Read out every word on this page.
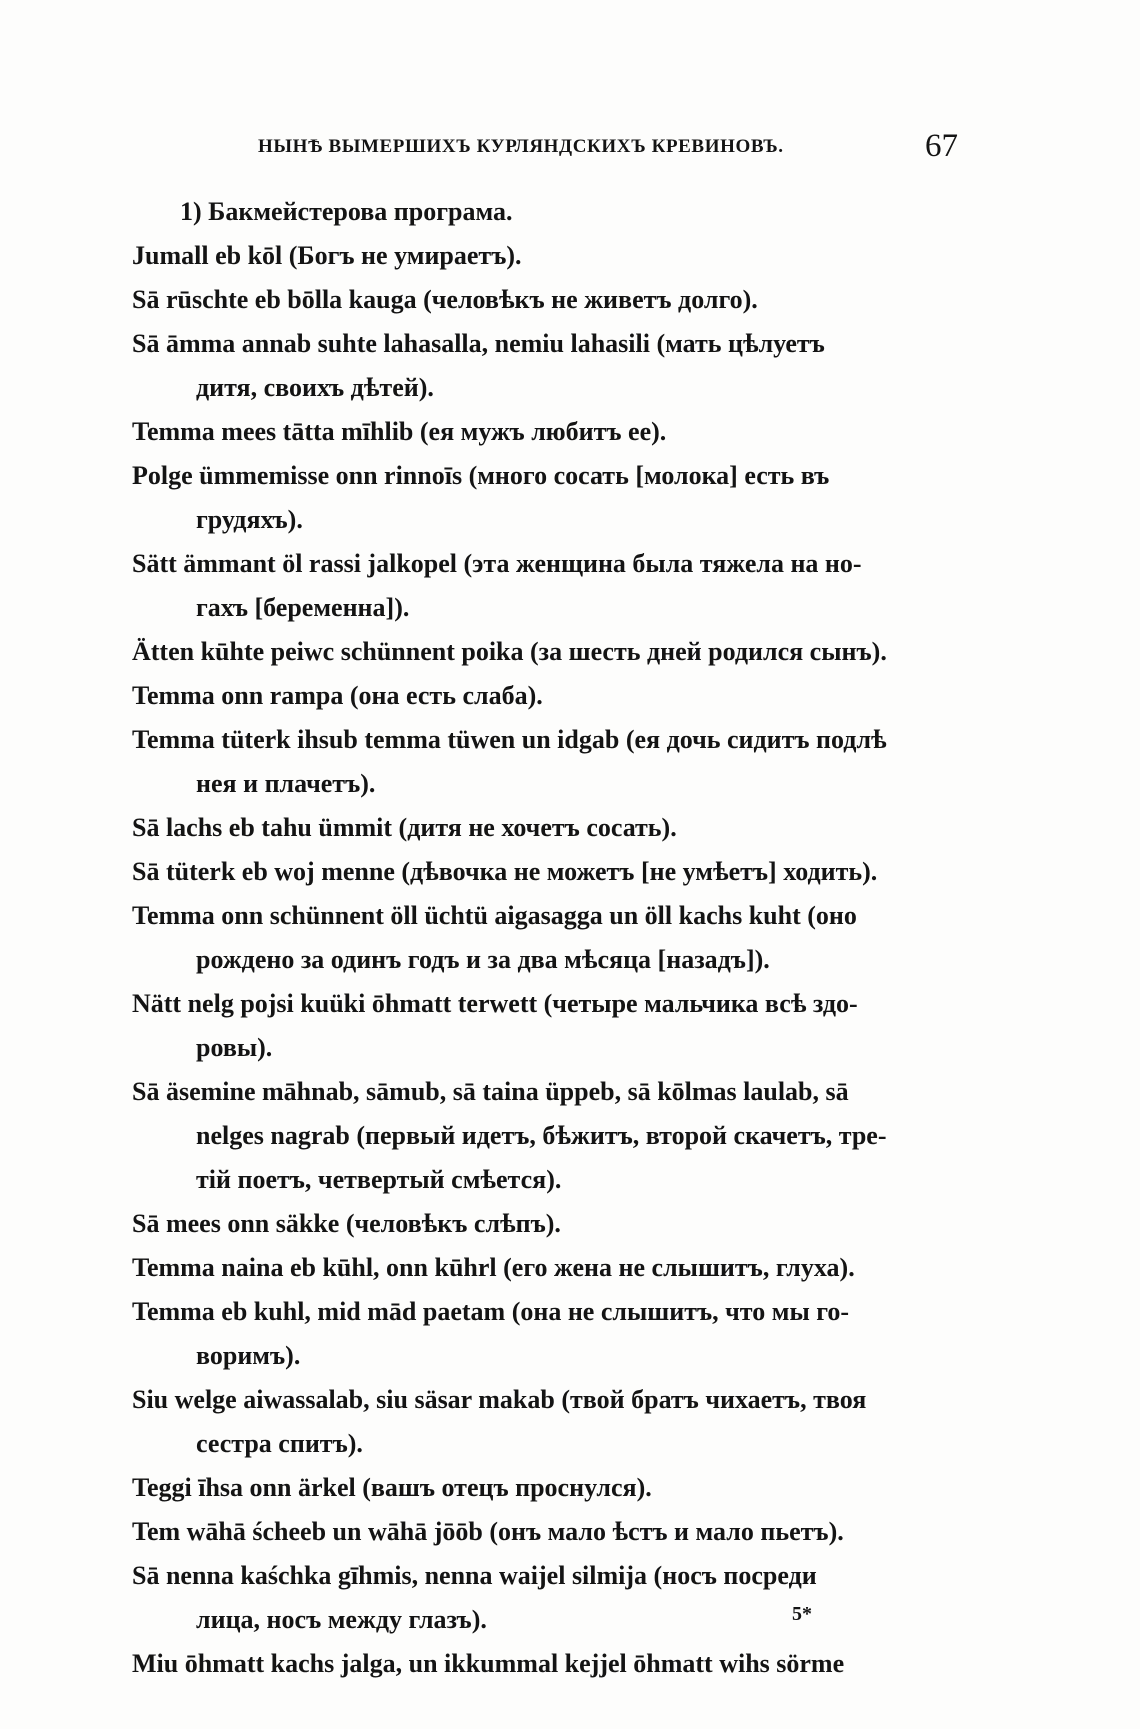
НЫНѢ ВЫМЕРШИХЪ КУРЛЯНДСКИХЪ КРЕВИНОВЪ.	67
1) Бакмейстерова програма.
Jumall eb kōl (Богъ не умираетъ).
Sā rūschte eb bōlla kauga (человѣкъ не живетъ долго).
Sā āmma annab suhte lahasalla, nemiu lahasili (мать цѣлуетъ
дитя, своихъ дѣтей).
Temma mees tātta mīhlib (ея мужъ любитъ ее).
Polge ümmemisse onn rinnoīs (много сосать [молока] есть въ
грудяхъ).
Sätt ämmant öl rassi jalkopel (эта женщина была тяжела на но-
гахъ [беременна]).
Ätten kūhte peiwc schünnent poika (за шесть дней родился сынъ).
Temma onn rampa (она есть слаба).
Temma tüterk ihsub temma tüwen un idgab (ея дочь сидитъ подлѣ
нея и плачетъ).
Sā lachs eb tahu ümmit (дитя не хочетъ сосать).
Sā tüterk eb woj menne (дѣвочка не можетъ [не умѣетъ] ходить).
Temma onn schünnent öll üchtü aigasagga un öll kachs kuht (оно
рождено за одинъ годъ и за два мѣсяца [назадъ]).
Nätt nelg pojsi kuüki ōhmatt terwett (четыре мальчика всѣ здо-
ровы).
Sā äsemine māhnab, sāmub, sā taina üppeb, sā kōlmas laulab, sā
nelges nagrab (первый идетъ, бѣжитъ, второй скачетъ, тре-
тій поетъ, четвертый смѣется).
Sā mees onn säkke (человѣкъ слѣпъ).
Temma naina eb kūhl, onn kūhrl (его жена не слышитъ, глуха).
Temma eb kuhl, mid mād paetam (она не слышитъ, что мы го-
воримъ).
Siu welge aiwassalab, siu säsar makab (твой братъ чихаетъ, твоя
сестра спитъ).
Teggi īhsa onn ärkel (вашъ отецъ проснулся).
Tem wāhā ścheeb un wāhā jōōb (онъ мало ѣстъ и мало пьетъ).
Sā nenna kaśchka gīhmis, nenna waijel silmija (носъ посреди
лица, носъ между глазъ).
Miu ōhmatt kachs jalga, un ikkummal kejjel ōhmatt wihs sörme
5*
